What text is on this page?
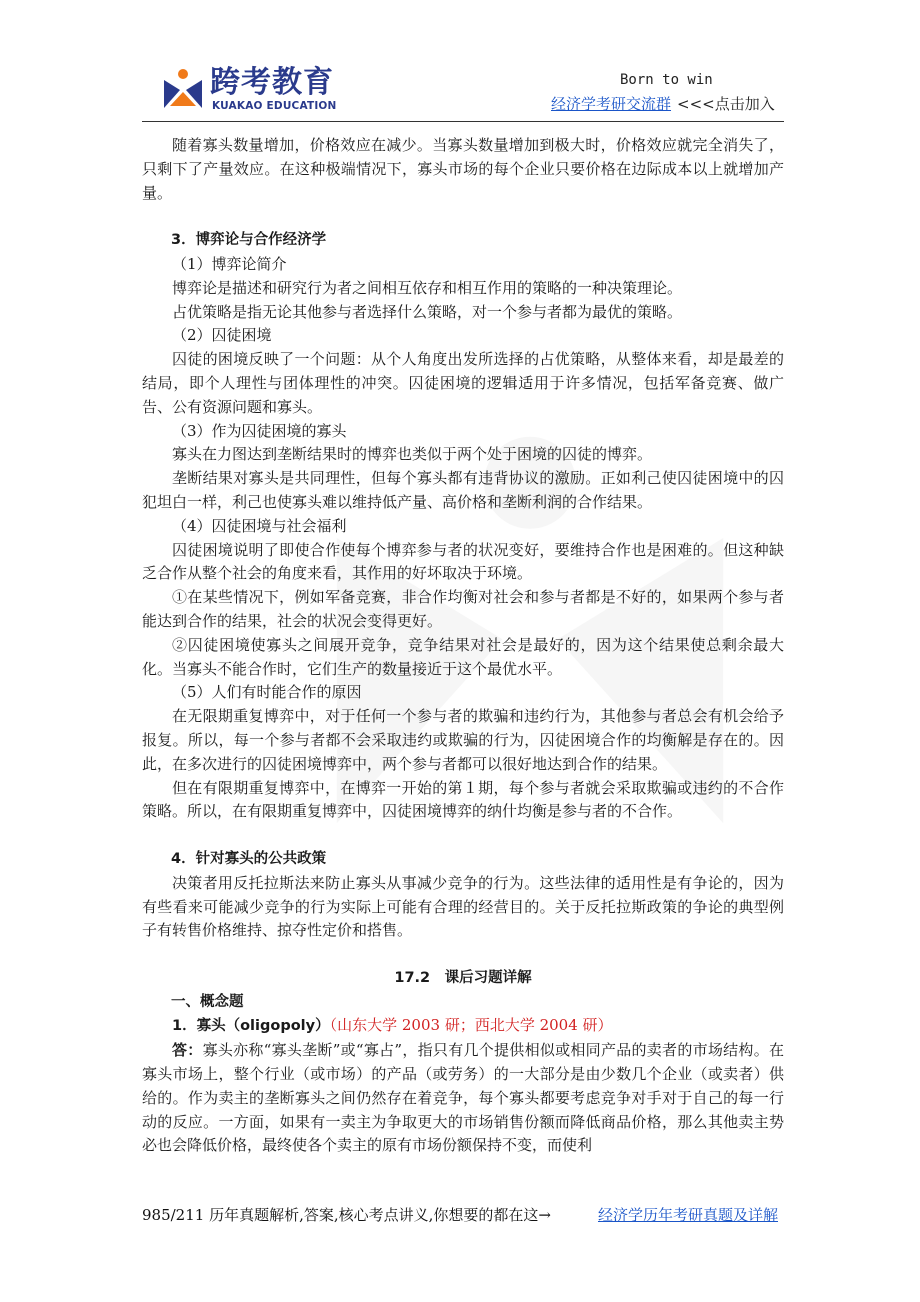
跨考教育
KUAKAO EDUCATION
Born to win
经济学考研交流群 <<<点击加入

随着寡头数量增加，价格效应在减少。当寡头数量增加到极大时，价格效应就完全消失了，只剩下了产量效应。在这种极端情况下，寡头市场的每个企业只要价格在边际成本以上就增加产量。

3．博弈论与合作经济学

（1）博弈论简介

博弈论是描述和研究行为者之间相互依存和相互作用的策略的一种决策理论。

占优策略是指无论其他参与者选择什么策略，对一个参与者都为最优的策略。

（2）囚徒困境

囚徒的困境反映了一个问题：从个人角度出发所选择的占优策略，从整体来看，却是最差的结局，即个人理性与团体理性的冲突。囚徒困境的逻辑适用于许多情况，包括军备竞赛、做广告、公有资源问题和寡头。

（3）作为囚徒困境的寡头

寡头在力图达到垄断结果时的博弈也类似于两个处于困境的囚徒的博弈。

垄断结果对寡头是共同理性，但每个寡头都有违背协议的激励。正如利己使囚徒困境中的囚犯坦白一样，利己也使寡头难以维持低产量、高价格和垄断利润的合作结果。

（4）囚徒困境与社会福利

囚徒困境说明了即使合作使每个博弈参与者的状况变好，要维持合作也是困难的。但这种缺乏合作从整个社会的角度来看，其作用的好坏取决于环境。

①在某些情况下，例如军备竞赛，非合作均衡对社会和参与者都是不好的，如果两个参与者能达到合作的结果，社会的状况会变得更好。

②囚徒困境使寡头之间展开竞争，竞争结果对社会是最好的，因为这个结果使总剩余最大化。当寡头不能合作时，它们生产的数量接近于这个最优水平。

（5）人们有时能合作的原因

在无限期重复博弈中，对于任何一个参与者的欺骗和违约行为，其他参与者总会有机会给予报复。所以，每一个参与者都不会采取违约或欺骗的行为，囚徒困境合作的均衡解是存在的。因此，在多次进行的囚徒困境博弈中，两个参与者都可以很好地达到合作的结果。

但在有限期重复博弈中，在博弈一开始的第１期，每个参与者就会采取欺骗或违约的不合作策略。所以，在有限期重复博弈中，囚徒困境博弈的纳什均衡是参与者的不合作。

4．针对寡头的公共政策

决策者用反托拉斯法来防止寡头从事减少竞争的行为。这些法律的适用性是有争论的，因为有些看来可能减少竞争的行为实际上可能有合理的经营目的。关于反托拉斯政策的争论的典型例子有转售价格维持、掠夺性定价和搭售。

17.2　课后习题详解

一、概念题

1．寡头（oligopoly）（山东大学 2003 研；西北大学 2004 研）

答：寡头亦称“寡头垄断”或“寡占”，指只有几个提供相似或相同产品的卖者的市场结构。在寡头市场上，整个行业（或市场）的产品（或劳务）的一大部分是由少数几个企业（或卖者）供给的。作为卖主的垄断寡头之间仍然存在着竞争，每个寡头都要考虑竞争对手对于自己的每一行动的反应。一方面，如果有一卖主为争取更大的市场销售份额而降低商品价格，那么其他卖主势必也会降低价格，最终使各个卖主的原有市场份额保持不变，而使利

985/211 历年真题解析,答案,核心考点讲义,你想要的都在这→	经济学历年考研真题及详解
